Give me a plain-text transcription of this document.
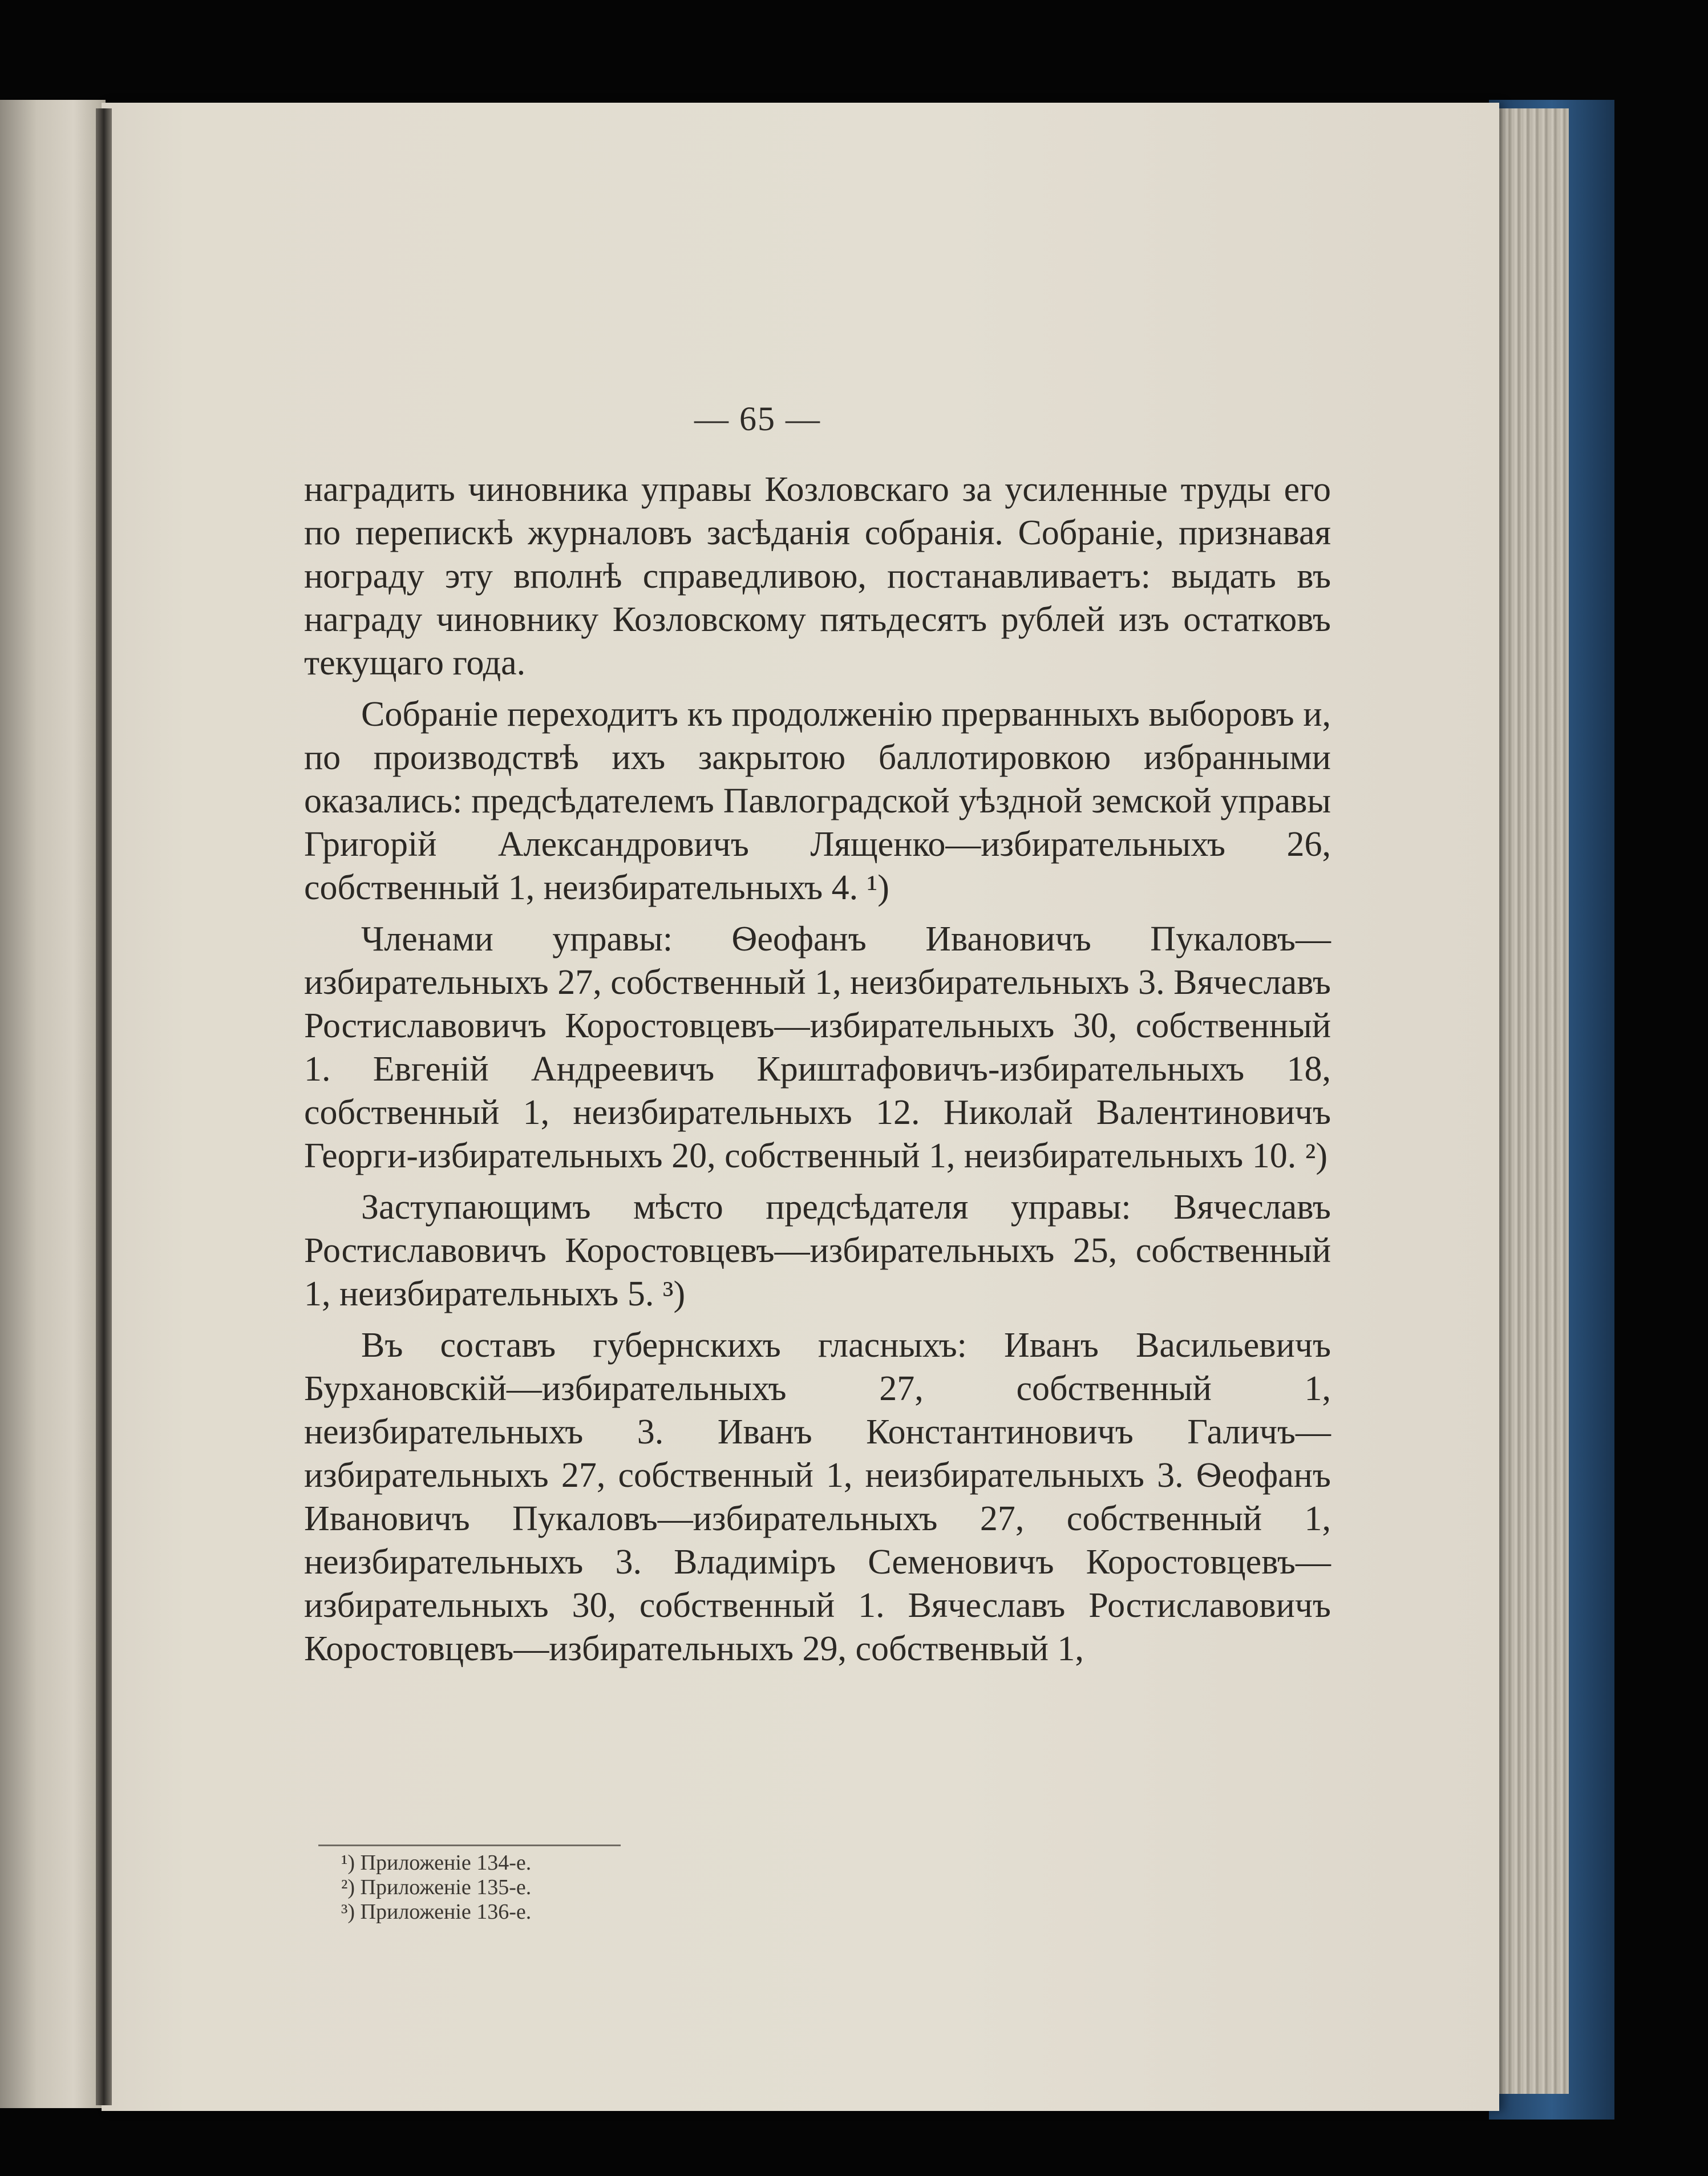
— 65 —

наградить чиновника управы Козловскаго за усиленные труды его по перепискѣ журналовъ засѣданія собранія. Собраніе, признавая нограду эту вполнѣ справедливою, постанавливаетъ: выдать въ награду чиновнику Козловскому пятьдесятъ рублей изъ остатковъ текущаго года.

Собраніе переходитъ къ продолженію прерванныхъ выборовъ и, по производствѣ ихъ закрытою баллотировкою избранными оказались: предсѣдателемъ Павлоградской уѣздной земской управы Григорій Александровичъ Лященко—избирательныхъ 26, собственный 1, неизбирательныхъ 4. ¹)

Членами управы: Ѳеофанъ Ивановичъ Пукаловъ—избирательныхъ 27, собственный 1, неизбирательныхъ 3. Вячеславъ Ростиславовичъ Коростовцевъ—избирательныхъ 30, собственный 1. Евгеній Андреевичъ Криштафовичъ-избирательныхъ 18, собственный 1, неизбирательныхъ 12. Николай Валентиновичъ Георги-избирательныхъ 20, собственный 1, неизбирательныхъ 10. ²)

Заступающимъ мѣсто предсѣдателя управы: Вячеславъ Ростиславовичъ Коростовцевъ—избирательныхъ 25, собственный 1, неизбирательныхъ 5. ³)

Въ составъ губернскихъ гласныхъ: Иванъ Васильевичъ Бурхановскій—избирательныхъ 27, собственный 1, неизбирательныхъ 3. Иванъ Константиновичъ Галичъ—избирательныхъ 27, собственный 1, неизбирательныхъ 3. Ѳеофанъ Ивановичъ Пукаловъ—избирательныхъ 27, собственный 1, неизбирательныхъ 3. Владиміръ Семеновичъ Коростовцевъ—избирательныхъ 30, собственный 1. Вячеславъ Ростиславовичъ Коростовцевъ—избирательныхъ 29, собственвый 1,

¹) Приложеніе 134-е.
²) Приложеніе 135-е.
³) Приложеніе 136-е.
